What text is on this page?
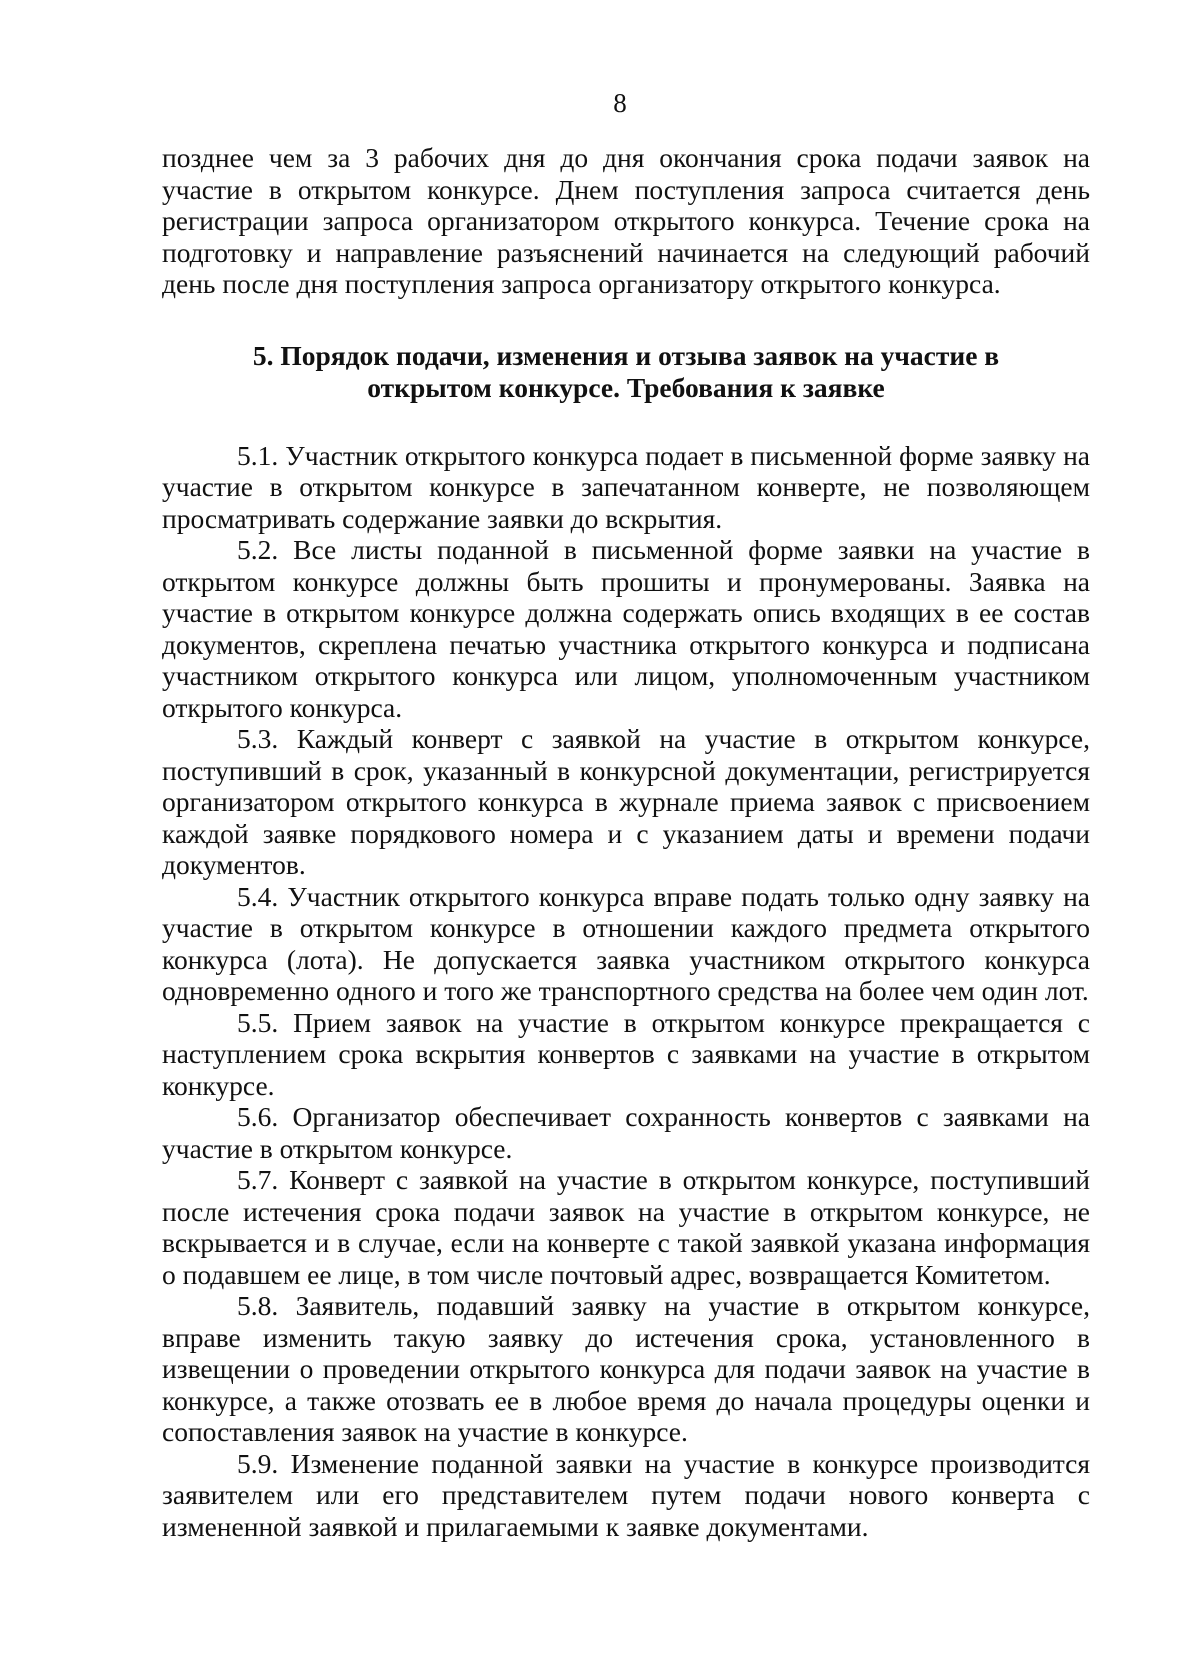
8

позднее чем за 3 рабочих дня до дня окончания срока подачи заявок на участие в открытом конкурсе. Днем поступления запроса считается день регистрации запроса организатором открытого конкурса. Течение срока на подготовку и направление разъяснений начинается на следующий рабочий день после дня поступления запроса организатору открытого конкурса.

5. Порядок подачи, изменения и отзыва заявок на участие в
открытом конкурсе. Требования к заявке

5.1. Участник открытого конкурса подает в письменной форме заявку на участие в открытом конкурсе в запечатанном конверте, не позволяющем просматривать содержание заявки до вскрытия.

5.2. Все листы поданной в письменной форме заявки на участие в открытом конкурсе должны быть прошиты и пронумерованы. Заявка на участие в открытом конкурсе должна содержать опись входящих в ее состав документов, скреплена печатью участника открытого конкурса и подписана участником открытого конкурса или лицом, уполномоченным участником открытого конкурса.

5.3. Каждый конверт с заявкой на участие в открытом конкурсе, поступивший в срок, указанный в конкурсной документации, регистрируется организатором открытого конкурса в журнале приема заявок с присвоением каждой заявке порядкового номера и с указанием даты и времени подачи документов.

5.4. Участник открытого конкурса вправе подать только одну заявку на участие в открытом конкурсе в отношении каждого предмета открытого конкурса (лота). Не допускается заявка участником открытого конкурса одновременно одного и того же транспортного средства на более чем один лот.

5.5. Прием заявок на участие в открытом конкурсе прекращается с наступлением срока вскрытия конвертов с заявками на участие в открытом конкурсе.

5.6. Организатор обеспечивает сохранность конвертов с заявками на участие в открытом конкурсе.

5.7. Конверт с заявкой на участие в открытом конкурсе, поступивший после истечения срока подачи заявок на участие в открытом конкурсе, не вскрывается и в случае, если на конверте с такой заявкой указана информация о подавшем ее лице, в том числе почтовый адрес, возвращается Комитетом.

5.8. Заявитель, подавший заявку на участие в открытом конкурсе, вправе изменить такую заявку до истечения срока, установленного в извещении о проведении открытого конкурса для подачи заявок на участие в конкурсе, а также отозвать ее в любое время до начала процедуры оценки и сопоставления заявок на участие в конкурсе.

5.9. Изменение поданной заявки на участие в конкурсе производится заявителем или его представителем путем подачи нового конверта с измененной заявкой и прилагаемыми к заявке документами.
